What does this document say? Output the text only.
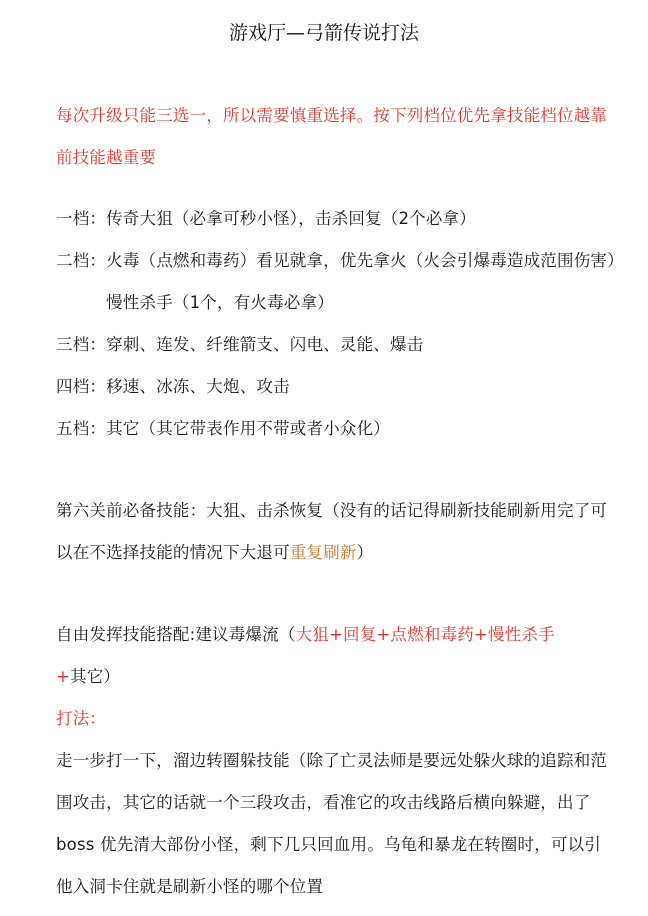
游戏厅—弓箭传说打法
每次升级只能三选一，所以需要慎重选择。按下列档位优先拿技能档位越靠前技能越重要
一档： 传奇大狙（必拿可秒小怪），击杀回复（2个必拿）
二档： 火毒（点燃和毒药）看见就拿，优先拿火（火会引爆毒造成范围伤害）慢性杀手（1个，有火毒必拿）
三档： 穿刺、连发、纤维箭支、闪电、灵能、爆击
四档： 移速、冰冻、大炮、攻击
五档： 其它（其它带表作用不带或者小众化）
第六关前必备技能：大狙、击杀恢复（没有的话记得刷新技能刷新用完了可以在不选择技能的情况下大退可重复刷新）
自由发挥技能搭配:建议毒爆流（大狙+回复+点燃和毒药+慢性杀手+其它）
打法：
走一步打一下，溜边转圈躲技能（除了亡灵法师是要远处躲火球的追踪和范围攻击，其它的话就一个三段攻击，看准它的攻击线路后横向躲避，出了 boss 优先清大部份小怪，剩下几只回血用。乌龟和暴龙在转圈时，可以引他入洞卡住就是刷新小怪的哪个位置
